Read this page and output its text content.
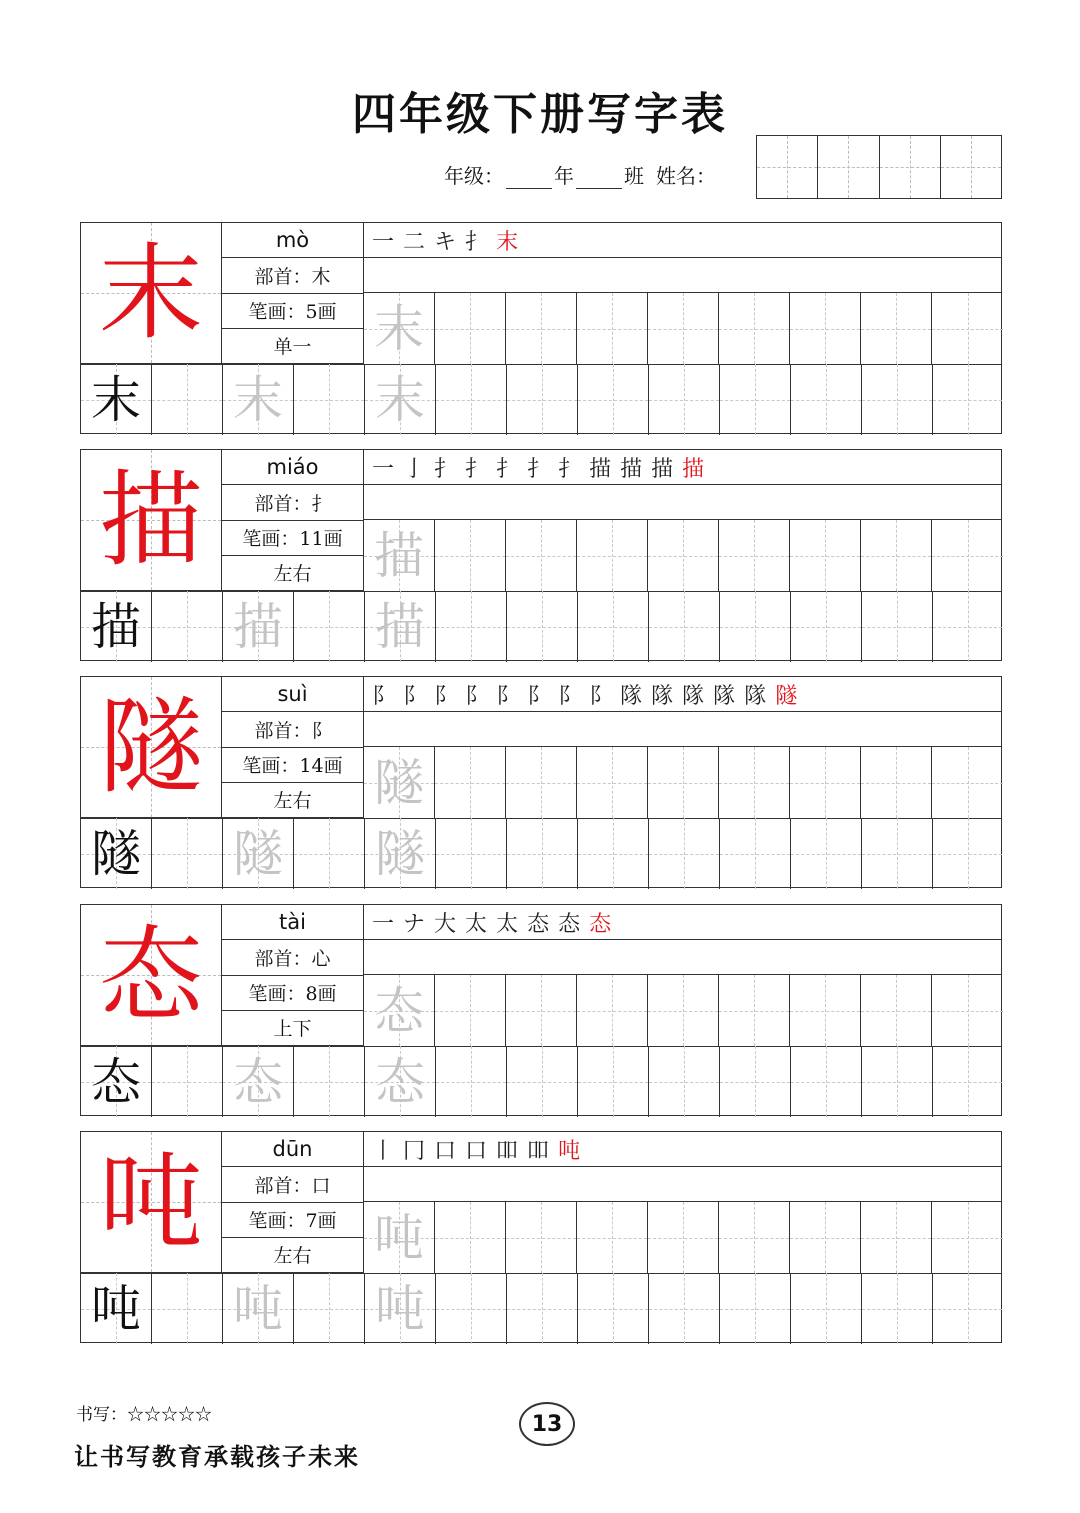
四年级下册写字表
年级：	年	班 姓名：
末	mò
部首：木
笔画：5画
单一
一 二 キ 扌 末
末
末 末 末
描	miáo
部首：扌
笔画：11画
左右
一 亅 扌 扌 扌 扌 扌 描 描 描 描
描
描 描 描
隧	suì
部首：阝
笔画：14画
左右
阝 阝 阝 阝 阝 阝 阝 阝 隊 隊 隊 隊 隊 隧
隧
隧 隧 隧
态	tài
部首：心
笔画：8画
上下
一 ナ 大 太 太 态 态 态
态
态 态 态
吨	dūn
部首：口
笔画：7画
左右
丨 冂 口 口 吅 吅 吨
吨
吨 吨 吨
书写：☆☆☆☆☆	13
让书写教育承载孩子未来
